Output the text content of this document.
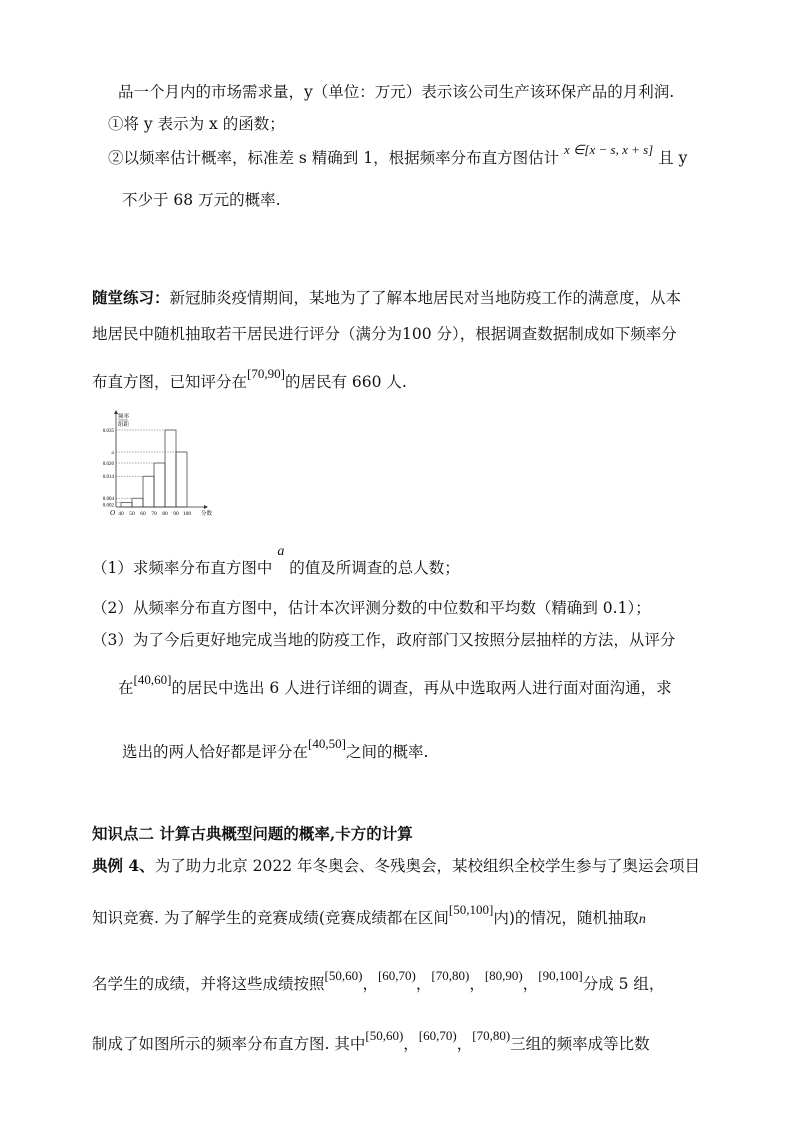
品一个月内的市场需求量，y（单位：万元）表示该公司生产该环保产品的月利润.
①将 y 表示为 x 的函数；
②以频率估计概率，标准差 s 精确到 1，根据频率分布直方图估计 $^{x \in[x - s, x + s]}$ 且 y
不少于 68 万元的概率.
随堂练习：新冠肺炎疫情期间，某地为了了解本地居民对当地防疫工作的满意度，从本
地居民中随机抽取若干居民进行评分（满分为100 分），根据调查数据制成如下频率分
布直方图，已知评分在[70,90]的居民有 660 人.
频率
组距
分数
O
0.035
a
0.020
0.014
0.004
0.002
40 50 60 70 80 90 100
（1）求频率分布直方图中 a 的值及所调查的总人数；
（2）从频率分布直方图中，估计本次评测分数的中位数和平均数（精确到 0.1）；
（3）为了今后更好地完成当地的防疫工作，政府部门又按照分层抽样的方法，从评分
在[40,60]的居民中选出 6 人进行详细的调查，再从中选取两人进行面对面沟通，求
选出的两人恰好都是评分在[40,50]之间的概率.
知识点二 计算古典概型问题的概率,卡方的计算
典例 4、为了助力北京 2022 年冬奥会、冬残奥会，某校组织全校学生参与了奥运会项目
知识竞赛. 为了解学生的竞赛成绩(竞赛成绩都在区间[50,100]内)的情况，随机抽取n
名学生的成绩，并将这些成绩按照$^{[50,60)}$，$^{[60,70)}$，$^{[70,80)}$，$^{[80,90)}$，[90,100]分成 5 组，
制成了如图所示的频率分布直方图. 其中$^{[50,60)}$，$^{[60,70)}$，$^{[70,80)}$三组的频率成等比数
